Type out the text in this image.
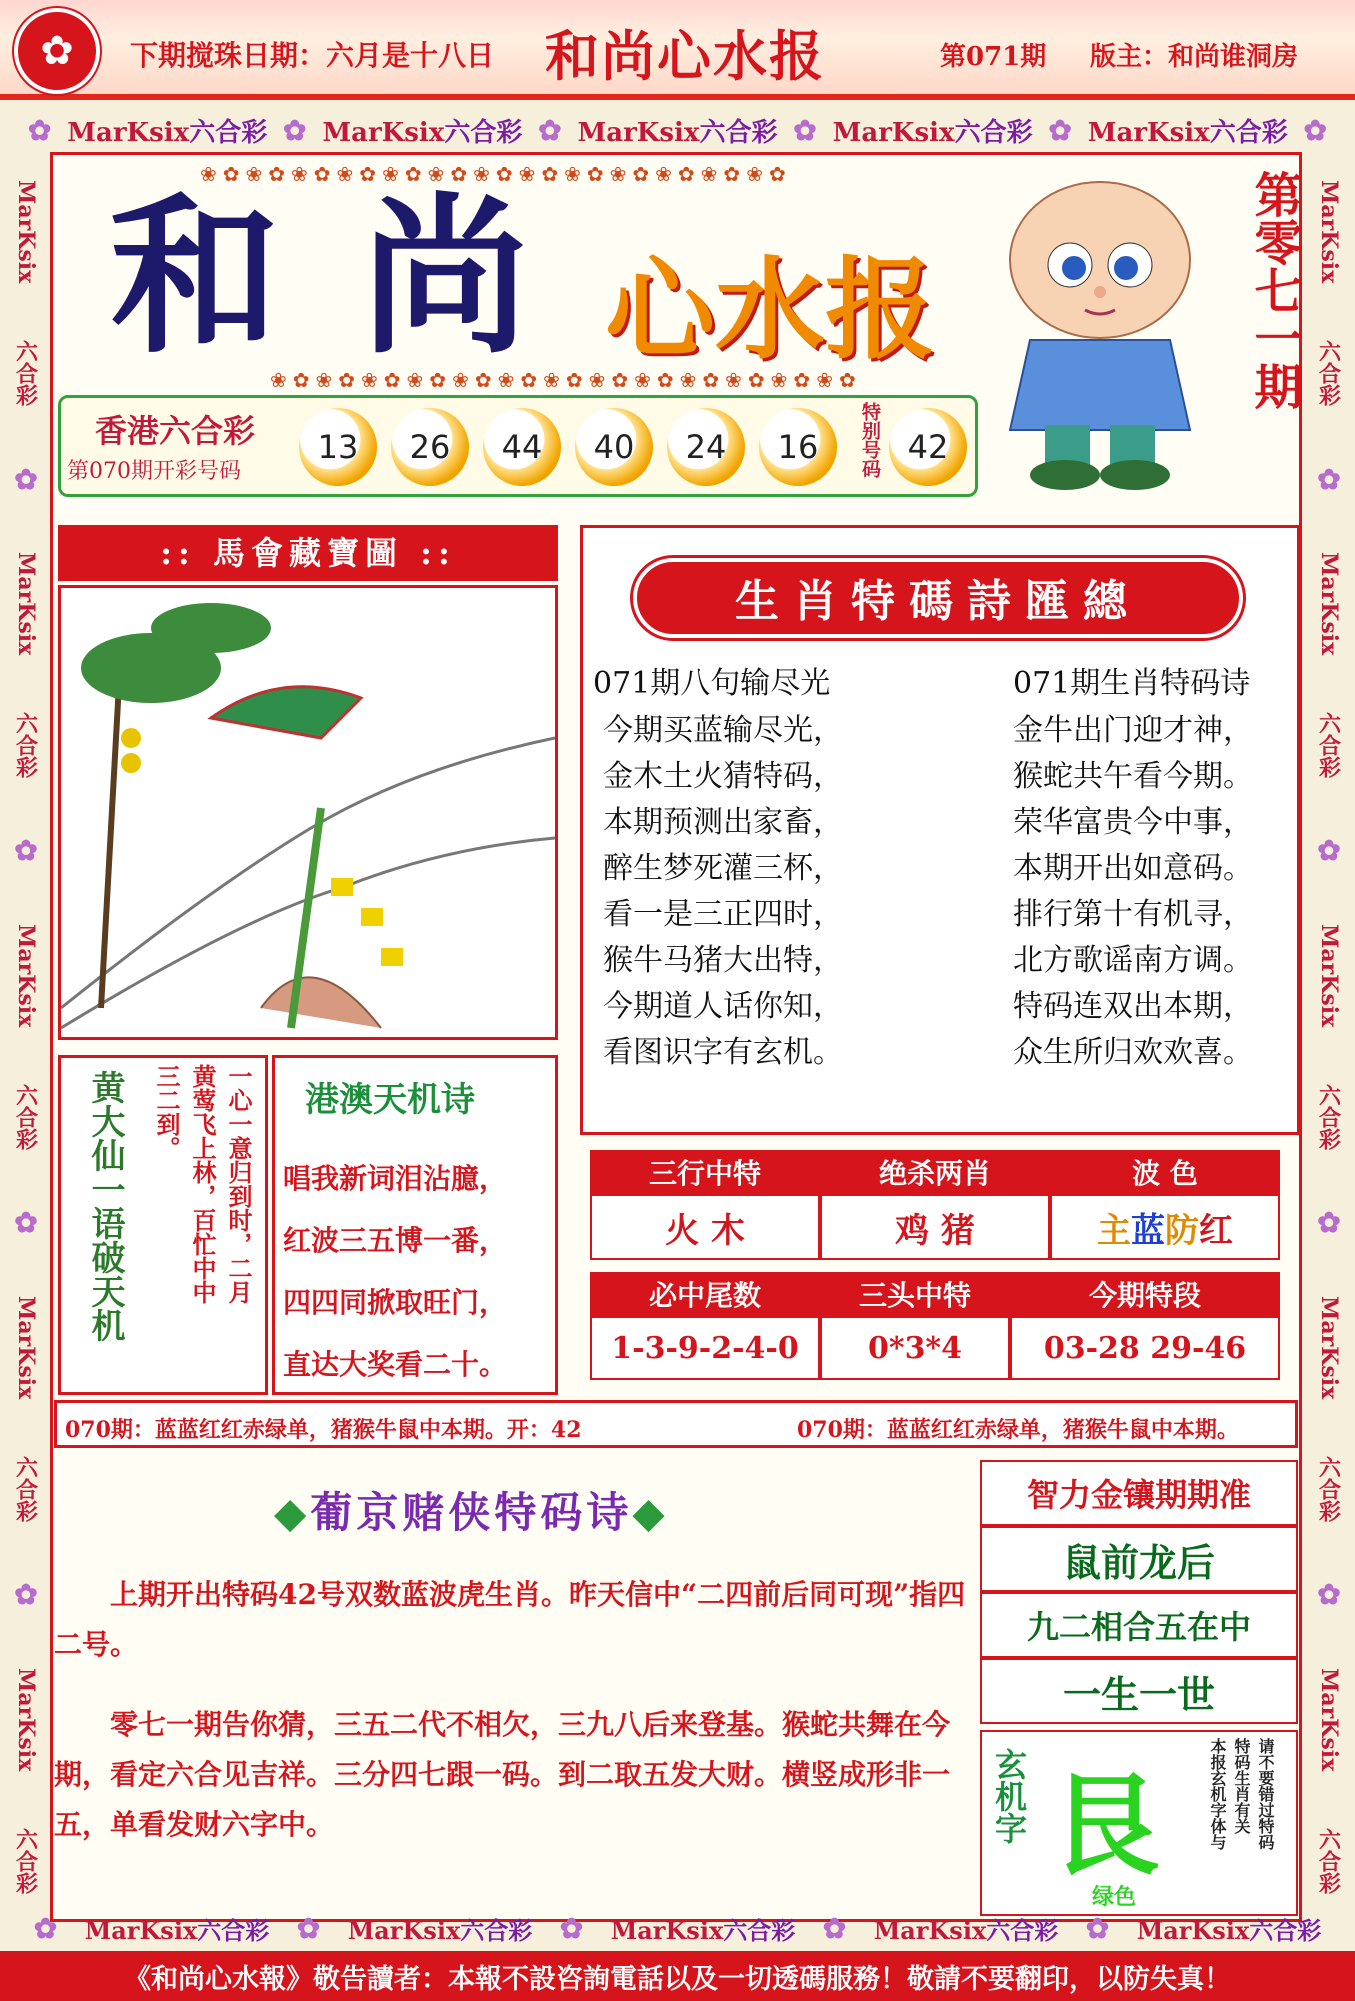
✿	下期搅珠日期：六月是十八日 和尚心水报	第071期 版主：和尚谁洞房
✿ MarKsix六合彩 ✿ MarKsix六合彩 ✿ MarKsix六合彩 ✿ MarKsix六合彩 ✿ MarKsix六合彩 ✿
MarKsix
六合彩
✿
MarKsix
六合彩
✿
MarKsix
六合彩
✿
MarKsix
六合彩
✿
MarKsix
六合彩
MarKsix
六合彩
✿
MarKsix
六合彩
✿
MarKsix
六合彩
✿
MarKsix
六合彩
✿
MarKsix
六合彩
❀✿❀✿❀✿❀✿❀✿❀✿❀✿❀✿❀✿❀✿❀✿❀✿❀✿
和 尚 心水报
❀✿❀✿❀✿❀✿❀✿❀✿❀✿❀✿❀✿❀✿❀✿❀✿❀✿	第零七一期
香港六合彩
第070期开彩号码
13	26	44	40	24	16	特别号码 42
:: 馬會藏寶圖 ::
生肖特碼詩匯總
071期八句输尽光
今期买蓝输尽光，
金木土火猜特码，
本期预测出家畜，
醉生梦死灌三杯，
看一是三正四时，
猴牛马猪大出特，
今期道人话你知，
看图识字有玄机。
071期生肖特码诗
金牛出门迎才神，
猴蛇共午看今期。
荣华富贵今中事，
本期开出如意码。
排行第十有机寻，
北方歌谣南方调。
特码连双出本期，
众生所归欢欢喜。
黄大仙一语破天机	一心一意归到时，二月
黄莺飞上林，百忙中中
三二到。	港澳天机诗
唱我新词泪沾臆，
红波三五博一番，
四四同掀取旺门，
直达大奖看二十。
三行中特	绝杀两肖	波 色
火 木	鸡 猪	主 蓝 防 红
必中尾数	三头中特	今期特段
1-3-9-2-4-0	0*3*4	03-28 29-46
070期：蓝蓝红红赤绿单，猪猴牛鼠中本期。开：42	070期：蓝蓝红红赤绿单，猪猴牛鼠中本期。
◆葡京赌侠特码诗◆
上期开出特码42号双数蓝波虎生肖。昨天信中“二四前后同可现”指四二号。
零七一期告你猜，三五二代不相欠，三九八后来登基。猴蛇共舞在今期，看定六合见吉祥。三分四七跟一码。到二取五发大财。横竖成形非一五，单看发财六字中。
智力金镶期期准
鼠前龙后
九二相合五在中
一生一世
玄机字 艮
绿色
请不要错过特码
特码生肖有关
本报玄机字体与
✿ MarKsix六合彩 ✿ MarKsix六合彩 ✿ MarKsix六合彩 ✿ MarKsix六合彩 ✿ MarKsix六合彩
《和尚心水報》敬告讀者：本報不設咨詢電話以及一切透碼服務！敬請不要翻印，以防失真！
